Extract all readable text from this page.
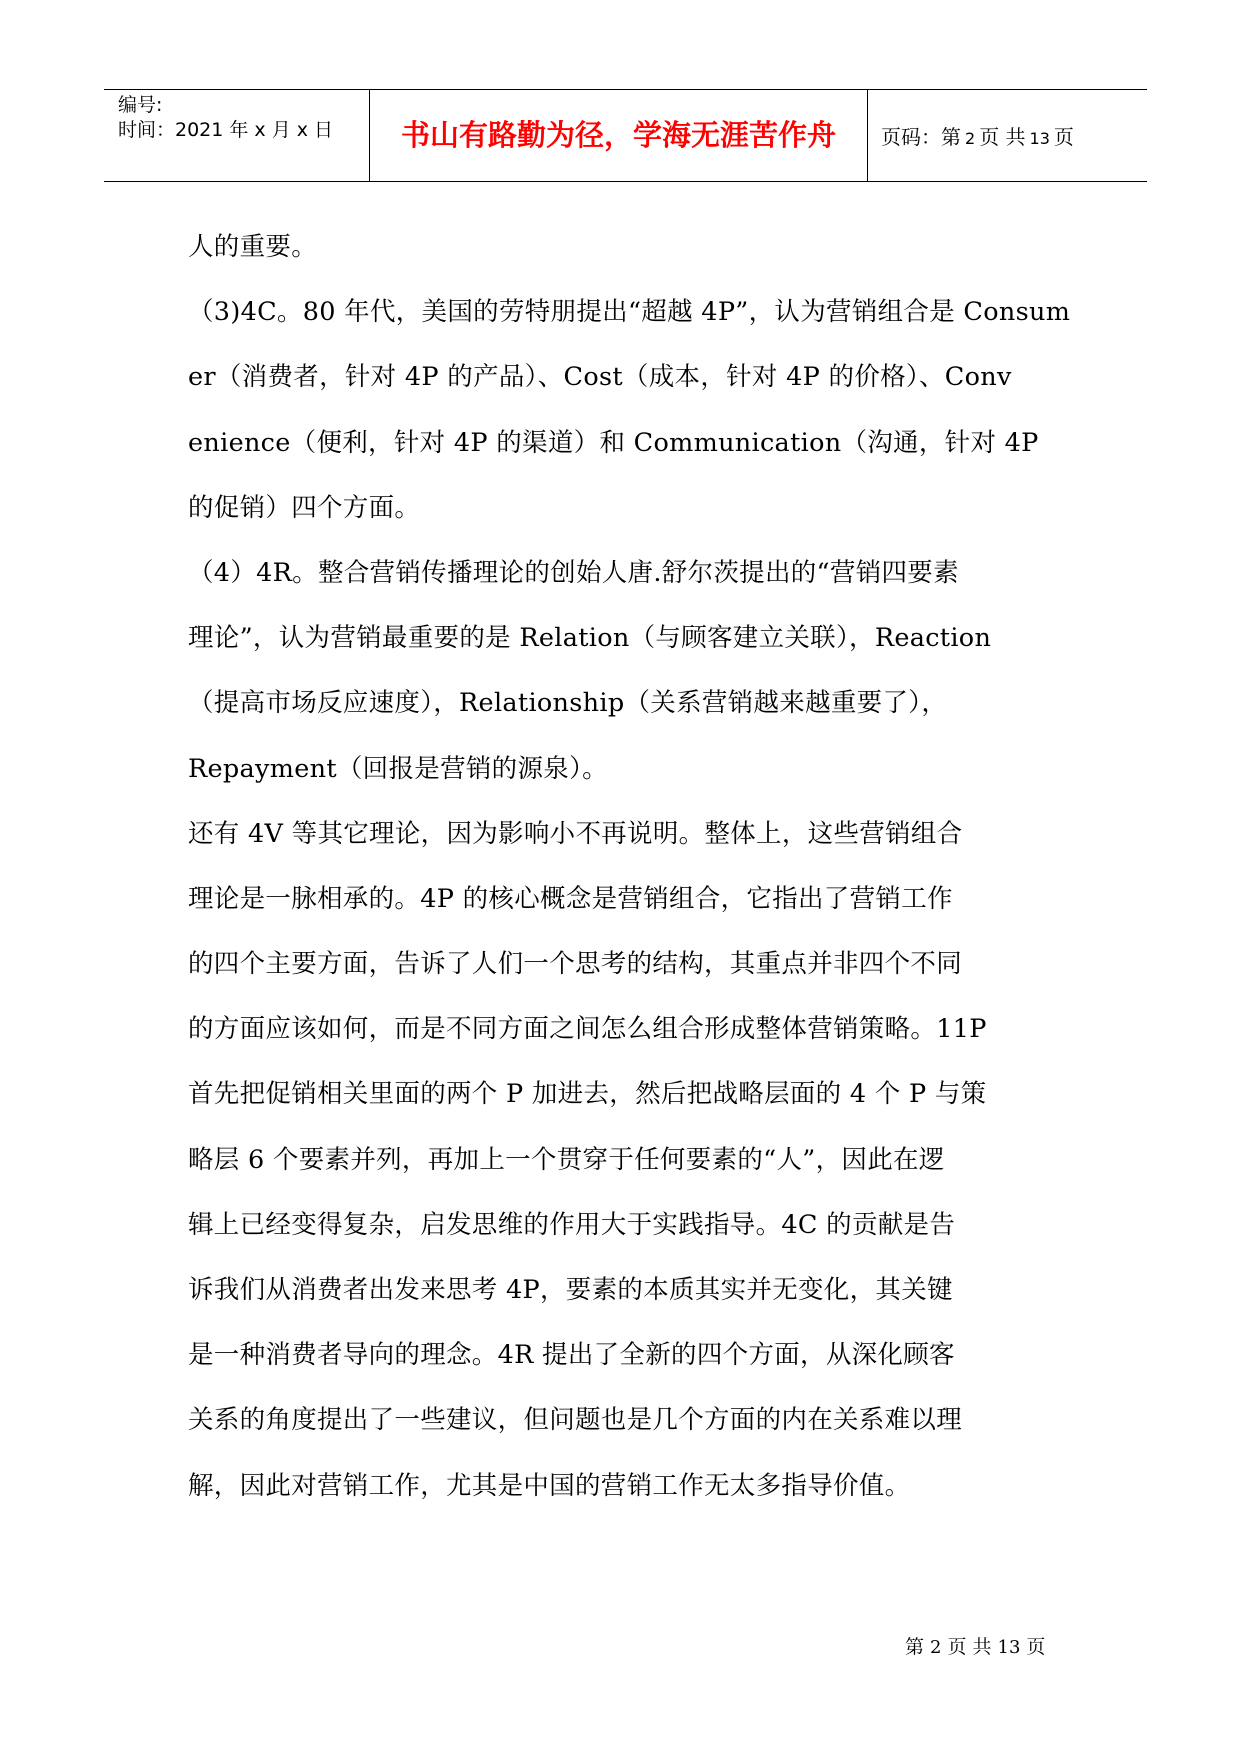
编号:
时间：2021 年 x 月 x 日	书山有路勤为径，学海无涯苦作舟	页码：第 2 页 共 13 页
人的重要。
（3)4C。80 年代，美国的劳特朋提出“超越 4P”，认为营销组合是 Consum
er（消费者，针对 4P 的产品）、Cost（成本，针对 4P 的价格）、Conv
enience（便利，针对 4P 的渠道）和 Communication（沟通，针对 4P
的促销）四个方面。
（4）4R。整合营销传播理论的创始人唐.舒尔茨提出的“营销四要素
理论”，认为营销最重要的是 Relation（与顾客建立关联），Reaction
（提高市场反应速度），Relationship（关系营销越来越重要了），
Repayment（回报是营销的源泉）。
还有 4V 等其它理论，因为影响小不再说明。整体上，这些营销组合
理论是一脉相承的。4P 的核心概念是营销组合，它指出了营销工作
的四个主要方面，告诉了人们一个思考的结构，其重点并非四个不同
的方面应该如何，而是不同方面之间怎么组合形成整体营销策略。11P
首先把促销相关里面的两个 P 加进去，然后把战略层面的 4 个 P 与策
略层 6 个要素并列，再加上一个贯穿于任何要素的“人”，因此在逻
辑上已经变得复杂，启发思维的作用大于实践指导。4C 的贡献是告
诉我们从消费者出发来思考 4P，要素的本质其实并无变化，其关键
是一种消费者导向的理念。4R 提出了全新的四个方面，从深化顾客
关系的角度提出了一些建议，但问题也是几个方面的内在关系难以理
解，因此对营销工作，尤其是中国的营销工作无太多指导价值。
第 2 页 共 13 页
